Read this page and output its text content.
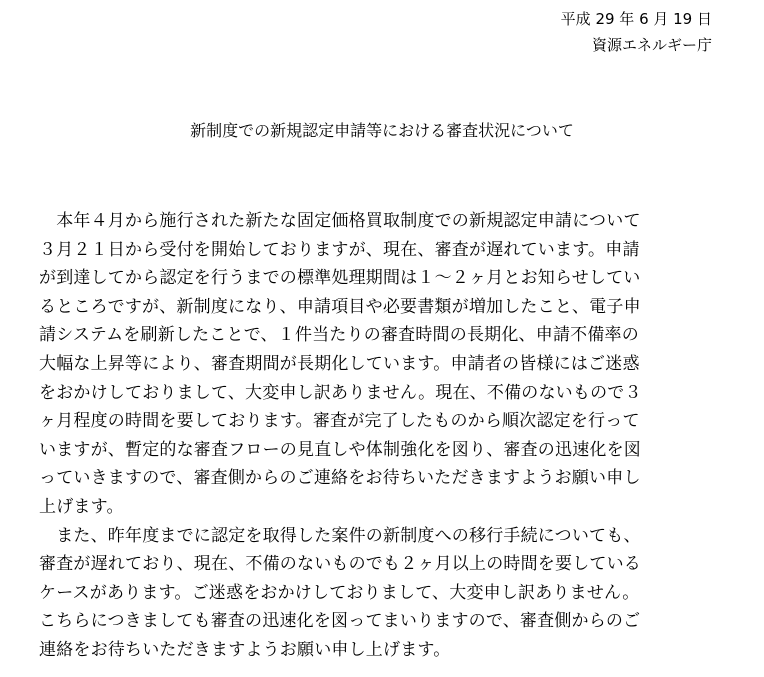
平成 29 年 6 月 19 日
資源エネルギー庁
新制度での新規認定申請等における審査状況について
　本年４月から施行された新たな固定価格買取制度での新規認定申請について
３月２１日から受付を開始しておりますが、現在、審査が遅れています。申請
が到達してから認定を行うまでの標準処理期間は１～２ヶ月とお知らせしてい
るところですが、新制度になり、申請項目や必要書類が増加したこと、電子申
請システムを刷新したことで、１件当たりの審査時間の長期化、申請不備率の
大幅な上昇等により、審査期間が長期化しています。申請者の皆様にはご迷惑
をおかけしておりまして、大変申し訳ありません。現在、不備のないもので３
ヶ月程度の時間を要しております。審査が完了したものから順次認定を行って
いますが、暫定的な審査フローの見直しや体制強化を図り、審査の迅速化を図
っていきますので、審査側からのご連絡をお待ちいただきますようお願い申し
上げます。
　また、昨年度までに認定を取得した案件の新制度への移行手続についても、
審査が遅れており、現在、不備のないものでも２ヶ月以上の時間を要している
ケースがあります。ご迷惑をおかけしておりまして、大変申し訳ありません。
こちらにつきましても審査の迅速化を図ってまいりますので、審査側からのご
連絡をお待ちいただきますようお願い申し上げます。
